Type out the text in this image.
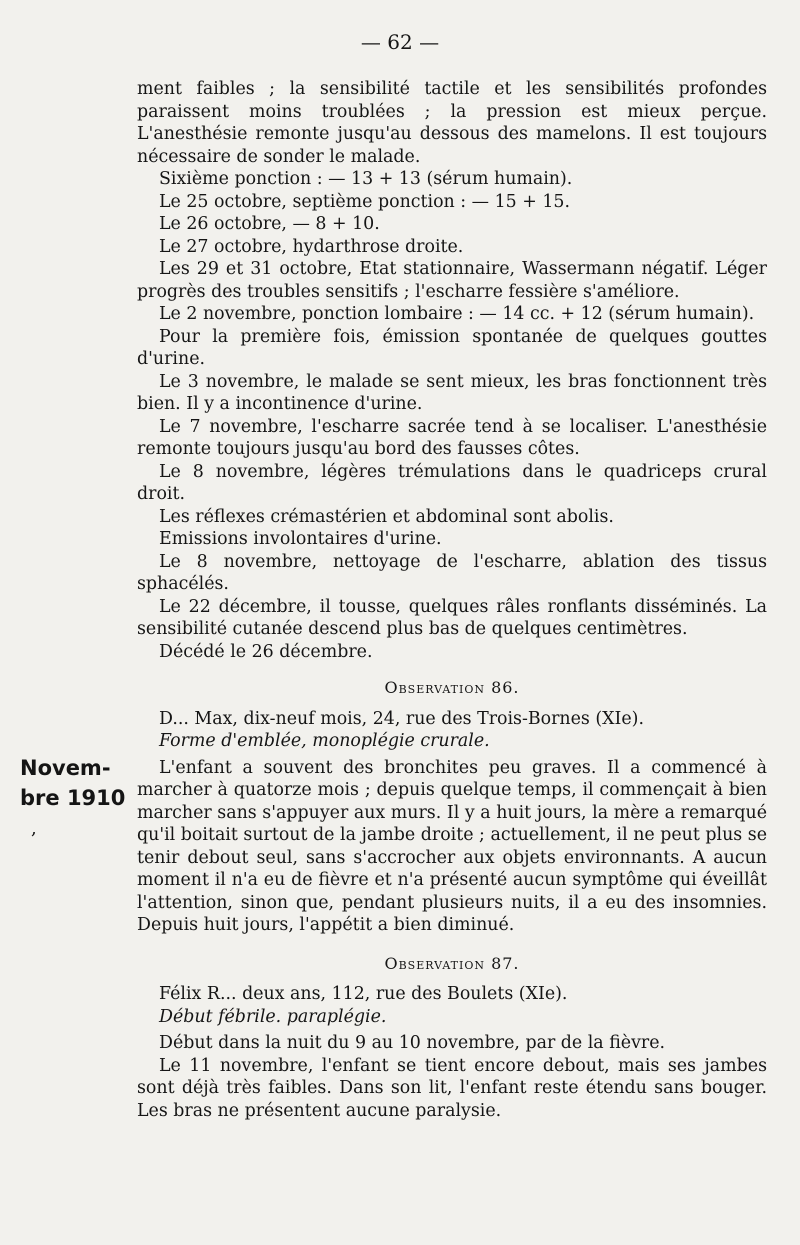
— 62 —
Novem-
bre 1910
,

ment faibles ; la sensibilité tactile et les sensibilités profondes paraissent moins troublées ; la pression est mieux perçue. L'anesthésie remonte jusqu'au dessous des mamelons. Il est toujours nécessaire de sonder le malade.

Sixième ponction : — 13 + 13 (sérum humain).

Le 25 octobre, septième ponction : — 15 + 15.

Le 26 octobre, — 8 + 10.

Le 27 octobre, hydarthrose droite.

Les 29 et 31 octobre, Etat stationnaire, Wassermann négatif. Léger progrès des troubles sensitifs ; l'escharre fessière s'améliore.

Le 2 novembre, ponction lombaire : — 14 cc. + 12 (sérum humain).

Pour la première fois, émission spontanée de quelques gouttes d'urine.

Le 3 novembre, le malade se sent mieux, les bras fonctionnent très bien. Il y a incontinence d'urine.

Le 7 novembre, l'escharre sacrée tend à se localiser. L'anesthésie remonte toujours jusqu'au bord des fausses côtes.

Le 8 novembre, légères trémulations dans le quadriceps crural droit.

Les réflexes crémastérien et abdominal sont abolis.

Emissions involontaires d'urine.

Le 8 novembre, nettoyage de l'escharre, ablation des tissus sphacélés.

Le 22 décembre, il tousse, quelques râles ronflants disséminés. La sensibilité cutanée descend plus bas de quelques centimètres.

Décédé le 26 décembre.

Observation 86.

D... Max, dix-neuf mois, 24, rue des Trois-Bornes (XIe).

Forme d'emblée, monoplégie crurale.

L'enfant a souvent des bronchites peu graves. Il a commencé à marcher à quatorze mois ; depuis quelque temps, il commençait à bien marcher sans s'appuyer aux murs. Il y a huit jours, la mère a remarqué qu'il boitait surtout de la jambe droite ; actuellement, il ne peut plus se tenir debout seul, sans s'accrocher aux objets environnants. A aucun moment il n'a eu de fièvre et n'a présenté aucun symptôme qui éveillât l'attention, sinon que, pendant plusieurs nuits, il a eu des insomnies. Depuis huit jours, l'appétit a bien diminué.

Observation 87.

Félix R... deux ans, 112, rue des Boulets (XIe).

Début fébrile. paraplégie.

Début dans la nuit du 9 au 10 novembre, par de la fièvre.

Le 11 novembre, l'enfant se tient encore debout, mais ses jambes sont déjà très faibles. Dans son lit, l'enfant reste étendu sans bouger. Les bras ne présentent aucune paralysie.
